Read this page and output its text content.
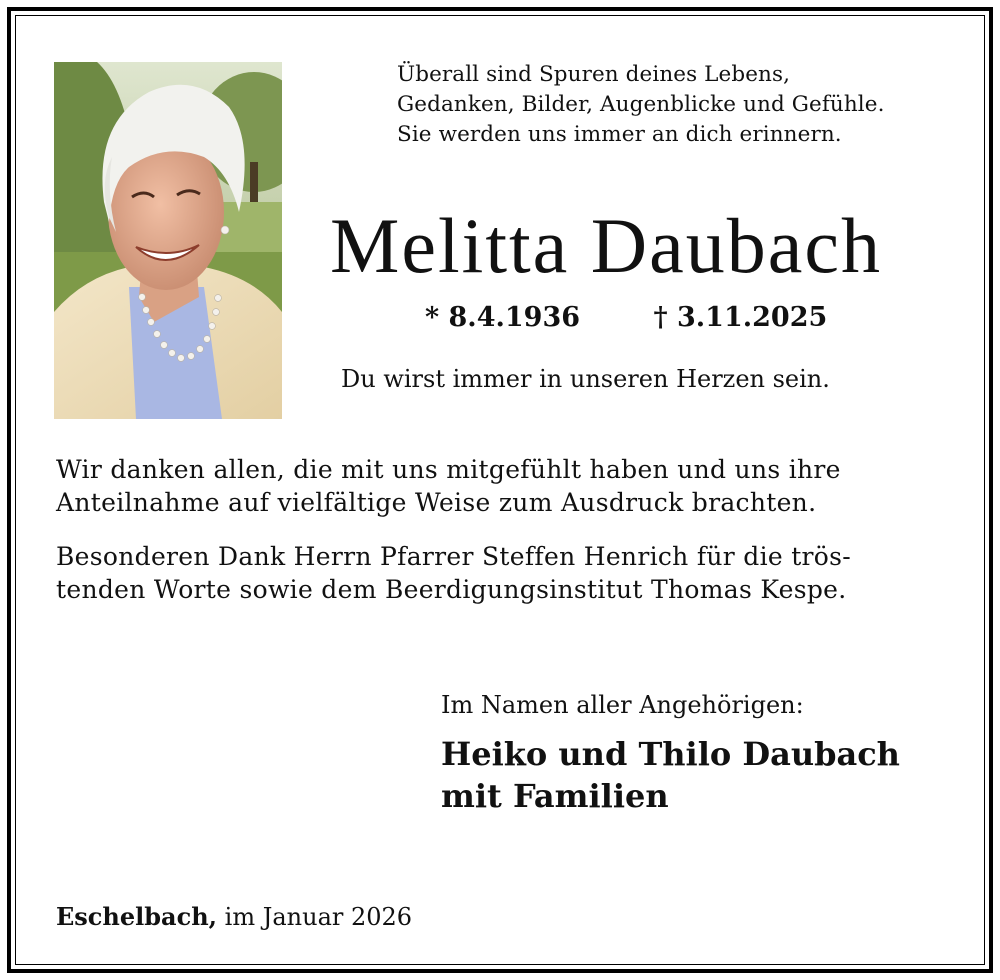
Überall sind Spuren deines Lebens,
Gedanken, Bilder, Augenblicke und Gefühle.
Sie werden uns immer an dich erinnern.
Melitta Daubach
* 8.4.1936	† 3.11.2025
Du wirst immer in unseren Herzen sein.
Wir danken allen, die mit uns mitgefühlt haben und uns ihre
Anteilnahme auf vielfältige Weise zum Ausdruck brachten.
Besonderen Dank Herrn Pfarrer Steffen Henrich für die trös-
tenden Worte sowie dem Beerdigungsinstitut Thomas Kespe.
Im Namen aller Angehörigen:
Heiko und Thilo Daubach
mit Familien
Eschelbach, im Januar 2026
